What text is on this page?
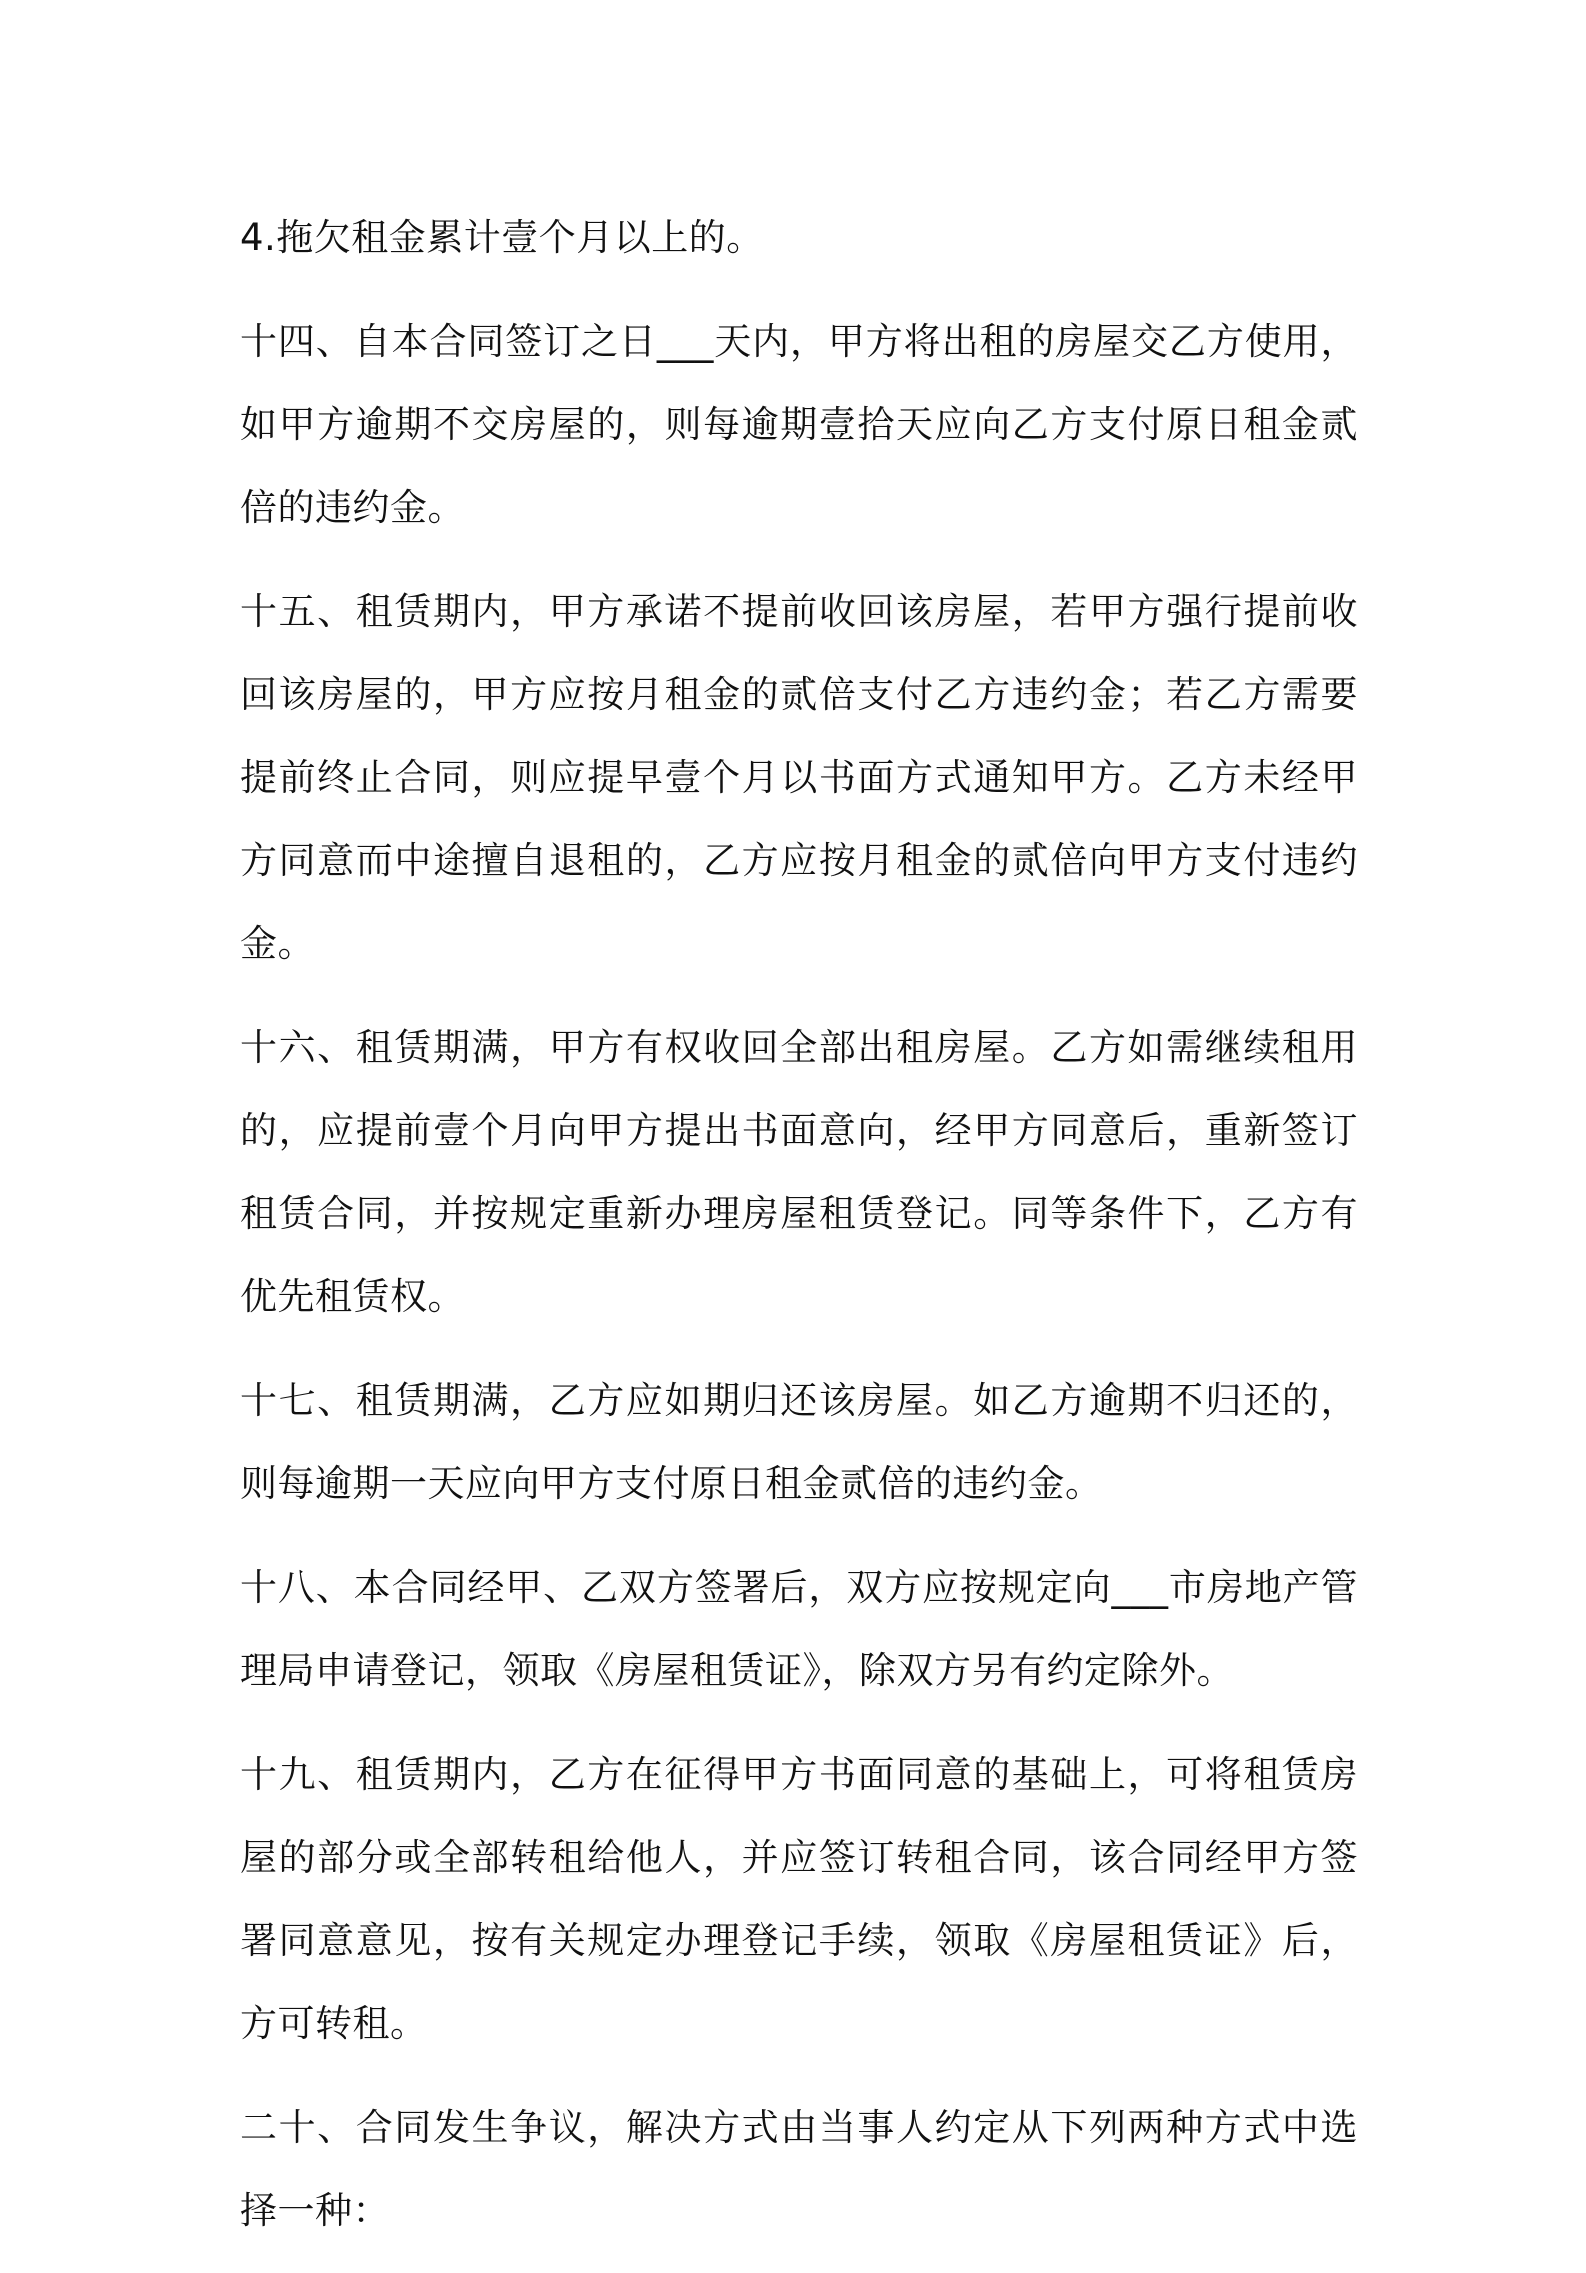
4.拖欠租金累计壹个月以上的。

十四、自本合同签订之日___天内，甲方将出租的房屋交乙方使用，如甲方逾期不交房屋的，则每逾期壹拾天应向乙方支付原日租金贰倍的违约金。

十五、租赁期内，甲方承诺不提前收回该房屋，若甲方强行提前收回该房屋的，甲方应按月租金的贰倍支付乙方违约金；若乙方需要提前终止合同，则应提早壹个月以书面方式通知甲方。乙方未经甲方同意而中途擅自退租的，乙方应按月租金的贰倍向甲方支付违约金。

十六、租赁期满，甲方有权收回全部出租房屋。乙方如需继续租用的，应提前壹个月向甲方提出书面意向，经甲方同意后，重新签订租赁合同，并按规定重新办理房屋租赁登记。同等条件下，乙方有优先租赁权。

十七、租赁期满，乙方应如期归还该房屋。如乙方逾期不归还的，则每逾期一天应向甲方支付原日租金贰倍的违约金。

十八、本合同经甲、乙双方签署后，双方应按规定向___市房地产管理局申请登记，领取《房屋租赁证》，除双方另有约定除外。

十九、租赁期内，乙方在征得甲方书面同意的基础上，可将租赁房屋的部分或全部转租给他人，并应签订转租合同，该合同经甲方签署同意意见，按有关规定办理登记手续，领取《房屋租赁证》后，方可转租。

二十、合同发生争议，解决方式由当事人约定从下列两种方式中选择一种：
